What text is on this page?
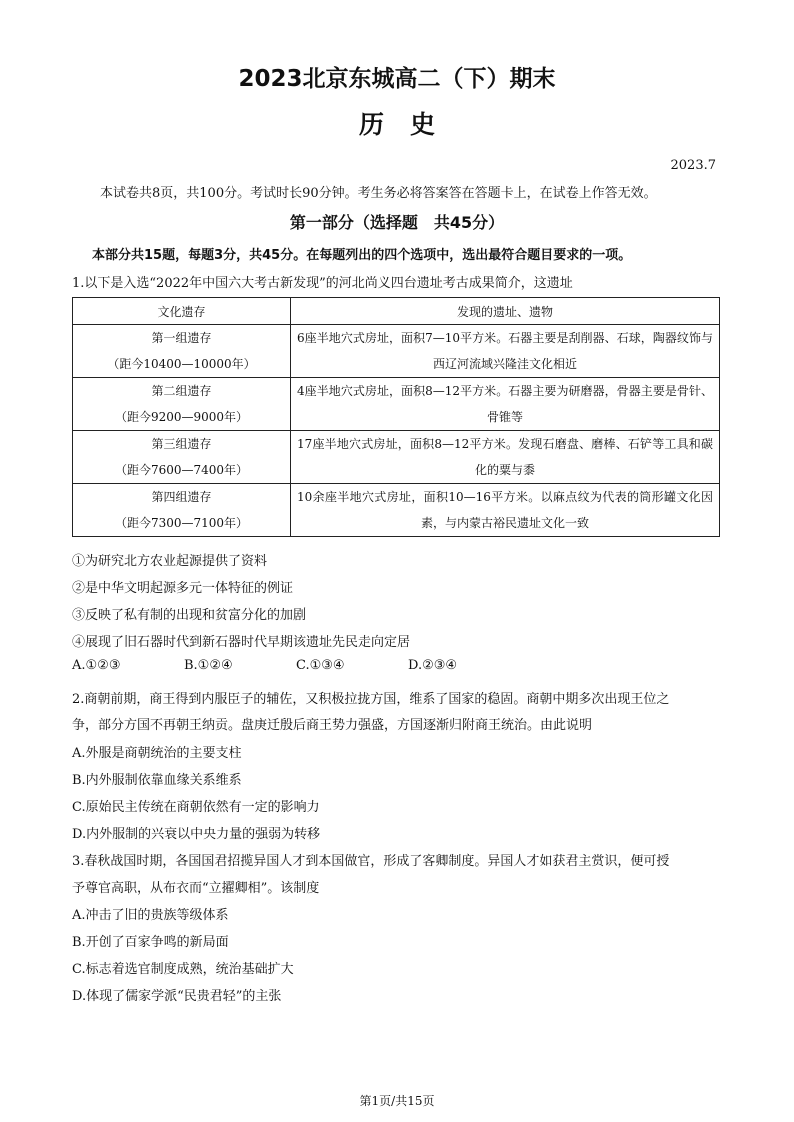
2023北京东城高二（下）期末
历史
2023.7
本试卷共8页，共100分。考试时长90分钟。考生务必将答案答在答题卡上，在试卷上作答无效。
第一部分（选择题　共45分）
本部分共15题，每题3分，共45分。在每题列出的四个选项中，选出最符合题目要求的一项。
1.以下是入选“2022年中国六大考古新发现”的河北尚义四台遗址考古成果简介，这遗址
文化遗存	发现的遗址、遗物

第一组遗存
（距今10400—10000年）	6座半地穴式房址，面积7—10平方米。石器主要是刮削器、石球，陶器纹饰与西辽河流域兴隆洼文化相近

第二组遗存
（距今9200—9000年）	4座半地穴式房址，面积8—12平方米。石器主要为研磨器，骨器主要是骨针、骨锥等

第三组遗存
（距今7600—7400年）	17座半地穴式房址，面积8—12平方米。发现石磨盘、磨棒、石铲等工具和碳化的粟与黍

第四组遗存
（距今7300—7100年）	10余座半地穴式房址，面积10—16平方米。以麻点纹为代表的筒形罐文化因素，与内蒙古裕民遗址文化一致
①为研究北方农业起源提供了资料
②是中华文明起源多元一体特征的例证
③反映了私有制的出现和贫富分化的加剧
④展现了旧石器时代到新石器时代早期该遗址先民走向定居
A.①②③	B.①②④	C.①③④	D.②③④
2.商朝前期，商王得到内服臣子的辅佐，又积极拉拢方国，维系了国家的稳固。商朝中期多次出现王位之
争，部分方国不再朝王纳贡。盘庚迁殷后商王势力强盛，方国逐渐归附商王统治。由此说明
A.外服是商朝统治的主要支柱
B.内外服制依靠血缘关系维系
C.原始民主传统在商朝依然有一定的影响力
D.内外服制的兴衰以中央力量的强弱为转移
3.春秋战国时期，各国国君招揽异国人才到本国做官，形成了客卿制度。异国人才如获君主赏识，便可授
予尊官高职，从布衣而“立擢卿相”。该制度
A.冲击了旧的贵族等级体系
B.开创了百家争鸣的新局面
C.标志着选官制度成熟，统治基础扩大
D.体现了儒家学派“民贵君轻”的主张
第1页/共15页
